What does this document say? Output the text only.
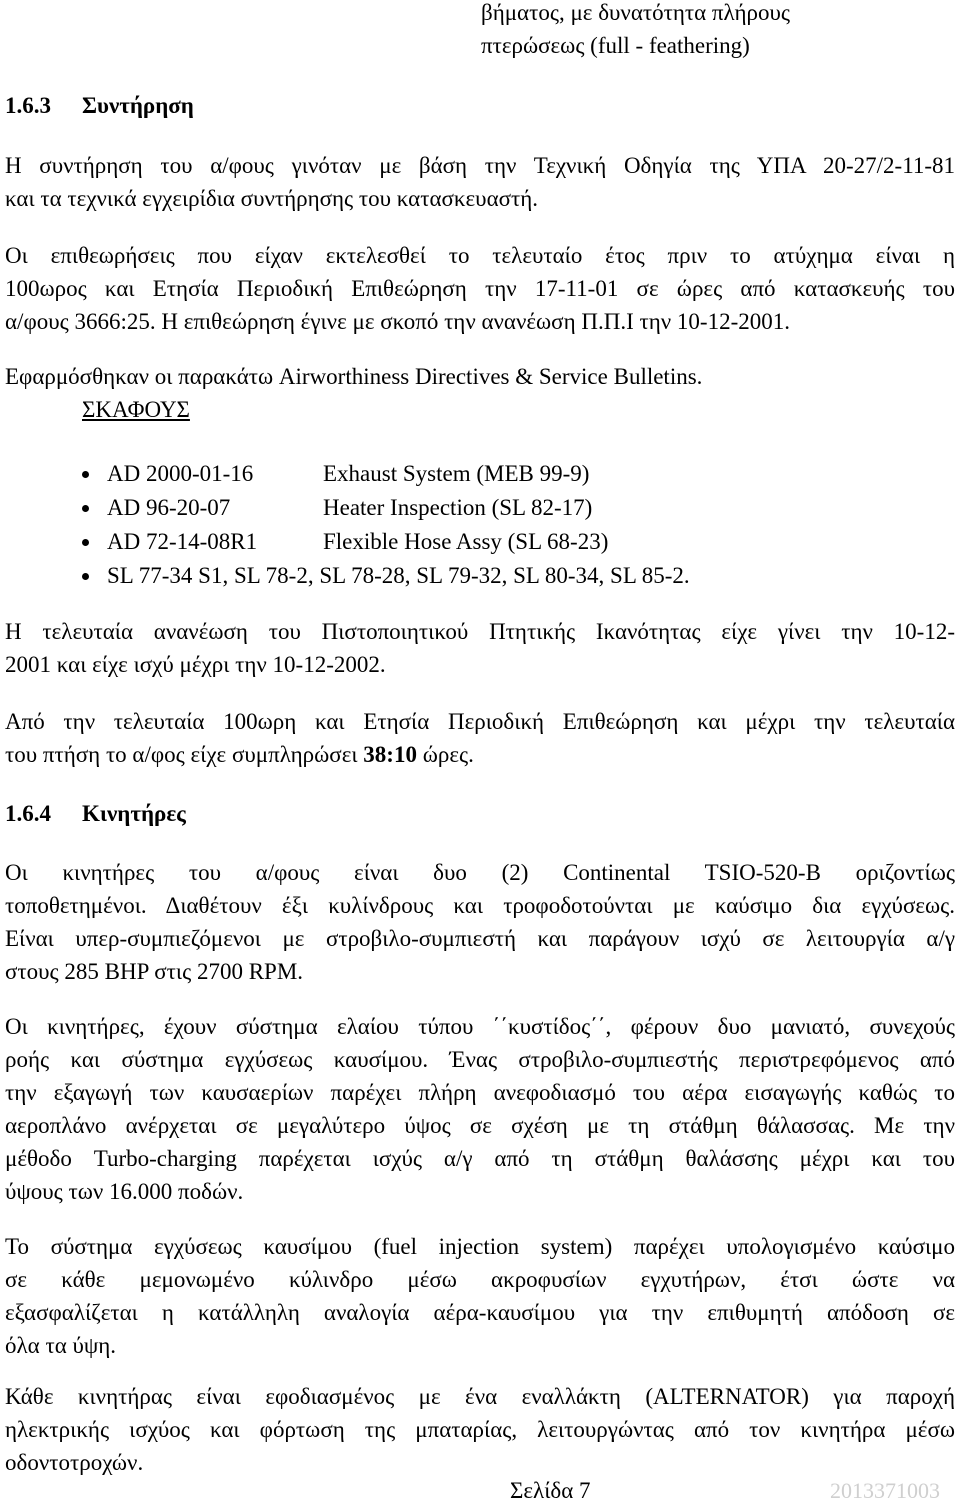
βήματος, με δυνατότητα πλήρους
πτερώσεως (full - feathering)
1.6.3 Συντήρηση
Η συντήρηση του α/φους γινόταν με βάση την Τεχνική Οδηγία της ΥΠΑ 20-27/2-11-81
και τα τεχνικά εγχειρίδια συντήρησης του κατασκευαστή.
Οι επιθεωρήσεις που είχαν εκτελεσθεί το τελευταίο έτος πριν το ατύχημα είναι η
100ωρος και Ετησία Περιοδική Επιθεώρηση την 17-11-01 σε ώρες από κατασκευής του
α/φους 3666:25. Η επιθεώρηση έγινε με σκοπό την ανανέωση Π.Π.Ι την 10-12-2001.
Εφαρμόσθηκαν οι παρακάτω Airworthiness Directives & Service Bulletins.
ΣΚΑΦΟΥΣ
AD 2000-01-16	Exhaust System (MEB 99-9)
AD 96-20-07	Heater Inspection (SL 82-17)
AD 72-14-08R1	Flexible Hose Assy (SL 68-23)
SL 77-34 S1, SL 78-2, SL 78-28, SL 79-32, SL 80-34, SL 85-2.
Η τελευταία ανανέωση του Πιστοποιητικού Πτητικής Ικανότητας είχε γίνει την 10-12-
2001 και είχε ισχύ μέχρι την 10-12-2002.
Από την τελευταία 100ωρη και Ετησία Περιοδική Επιθεώρηση και μέχρι την τελευταία
του πτήση το α/φος είχε συμπληρώσει 38:10 ώρες.
1.6.4 Κινητήρες
Οι κινητήρες του α/φους είναι δυο (2) Continental TSIO-520-B οριζοντίως
τοποθετημένοι. Διαθέτουν έξι κυλίνδρους και τροφοδοτούνται με καύσιμο δια εγχύσεως.
Είναι υπερ-συμπιεζόμενοι με στροβιλο-συμπιεστή και παράγουν ισχύ σε λειτουργία α/γ
στους 285 BHP στις 2700 RPM.
Οι κινητήρες, έχουν σύστημα ελαίου τύπου ΄΄κυστίδος΄΄, φέρουν δυο μανιατό, συνεχούς
ροής και σύστημα εγχύσεως καυσίμου. Ένας στροβιλο-συμπιεστής περιστρεφόμενος από
την εξαγωγή των καυσαερίων παρέχει πλήρη ανεφοδιασμό του αέρα εισαγωγής καθώς το
αεροπλάνο ανέρχεται σε μεγαλύτερο ύψος σε σχέση με τη στάθμη θάλασσας. Με την
μέθοδο Turbo-charging παρέχεται ισχύς α/γ από τη στάθμη θαλάσσης μέχρι και του
ύψους των 16.000 ποδών.
Το σύστημα εγχύσεως καυσίμου (fuel injection system) παρέχει υπολογισμένο καύσιμο
σε κάθε μεμονωμένο κύλινδρο μέσω ακροφυσίων εγχυτήρων, έτσι ώστε να
εξασφαλίζεται η κατάλληλη αναλογία αέρα-καυσίμου για την επιθυμητή απόδοση σε
όλα τα ύψη.
Κάθε κινητήρας είναι εφοδιασμένος με ένα εναλλάκτη (ALTERNATOR) για παροχή
ηλεκτρικής ισχύος και φόρτωση της μπαταρίας, λειτουργώντας από τον κινητήρα μέσω
οδοντοτροχών.
Σελίδα 7	2013371003
